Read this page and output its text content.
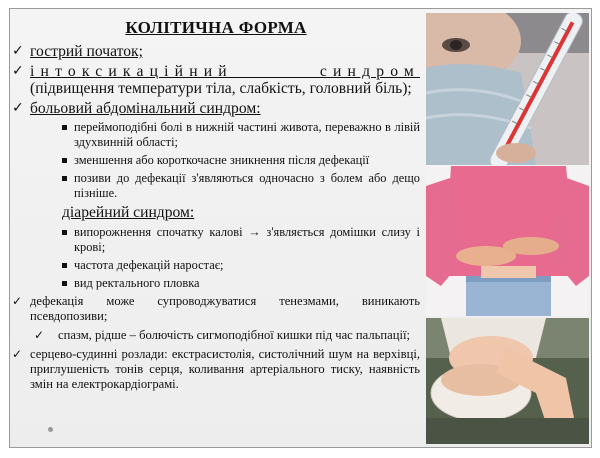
КОЛІТИЧНА ФОРМА
✓ гострий початок;
✓ інтоксикаційний синдром (підвищення температури тіла, слабкість, головний біль);
✓ больовий абдомінальний синдром:
переймоподібні болі в нижній частині живота, переважно в лівій здухвинній області;
зменшення або короткочасне зникнення після дефекації
позиви до дефекації з'являються одночасно з болем або дещо пізніше.
діарейний синдром:
випорожнення спочатку калові → з'являється домішки слизу і крові;
частота дефекацій наростає;
вид ректального пловка
✓ дефекація може супроводжуватися тенезмами, виникають псевдопозиви;
✓ спазм, рідше – болючість сигмоподібної кишки під час пальпації;
✓ серцево-судинні розлади: екстрасистолія, систолічний шум на верхівці, приглушеність тонів серця, коливання артеріального тиску, наявність змін на електрокардіограмі.
